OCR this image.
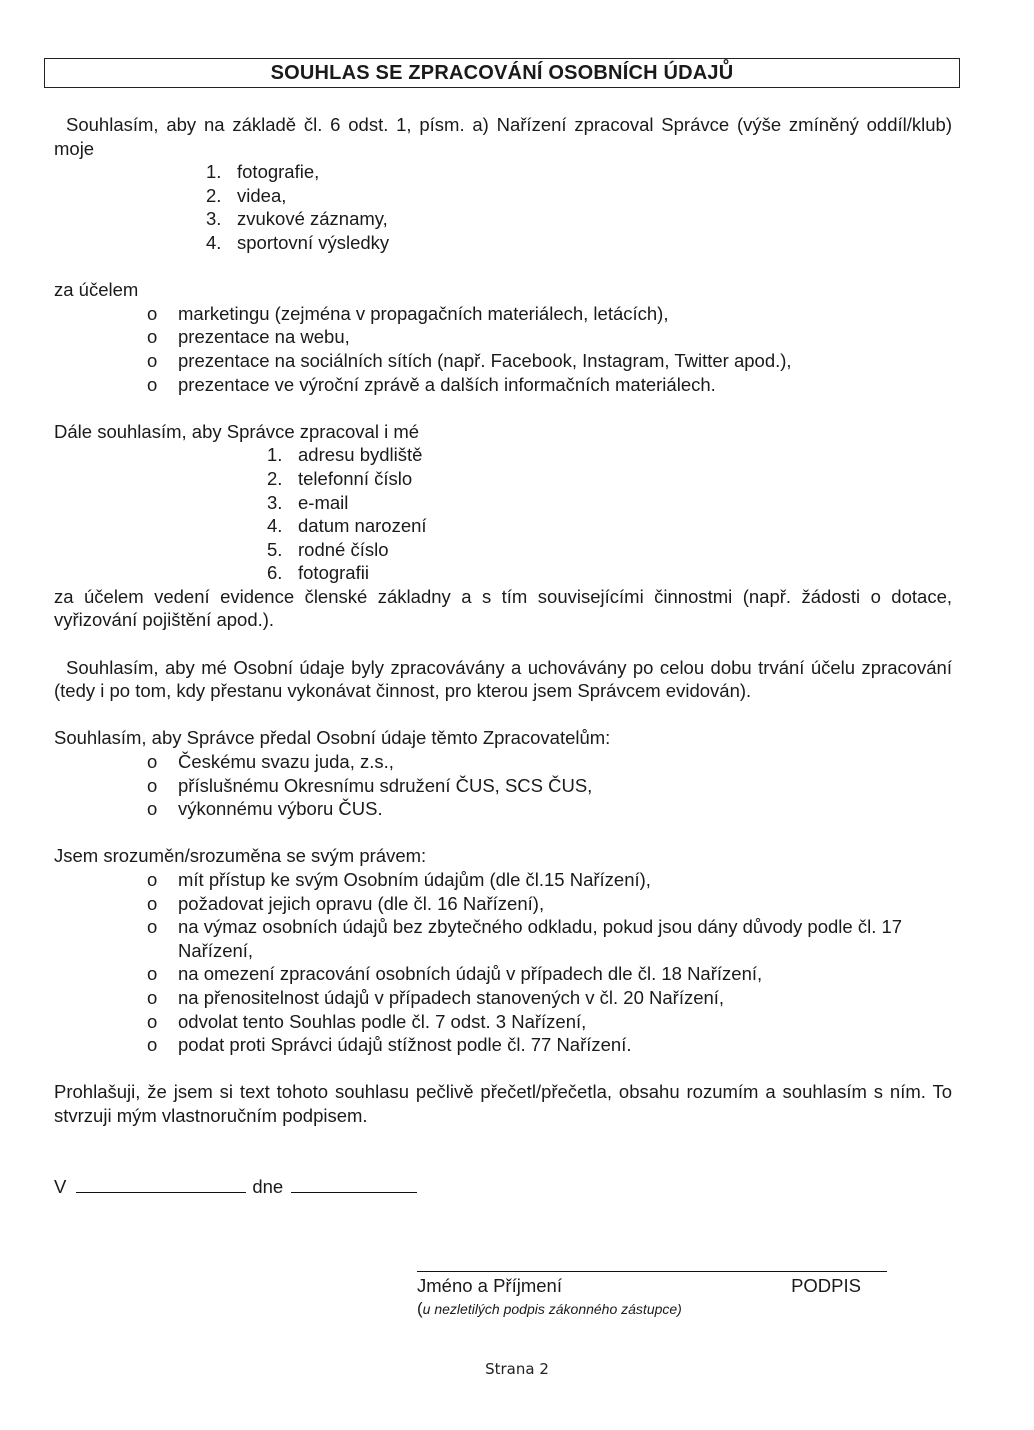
SOUHLAS SE ZPRACOVÁNÍ OSOBNÍCH ÚDAJŮ

Souhlasím, aby na základě čl. 6 odst. 1, písm. a) Nařízení zpracoval Správce (výše zmíněný oddíl/klub) moje

1. fotografie,
2. videa,
3. zvukové záznamy,
4. sportovní výsledky

za účelem

o	marketingu (zejména v propagačních materiálech, letácích),
o	prezentace na webu,
o	prezentace na sociálních sítích (např. Facebook, Instagram, Twitter apod.),
o	prezentace ve výroční zprávě a dalších informačních materiálech.

Dále souhlasím, aby Správce zpracoval i mé

1. adresu bydliště
2. telefonní číslo
3. e-mail
4. datum narození
5. rodné číslo
6. fotografii

za účelem vedení evidence členské základny a s tím souvisejícími činnostmi (např. žádosti o dotace, vyřizování pojištění apod.).

Souhlasím, aby mé Osobní údaje byly zpracovávány a uchovávány po celou dobu trvání účelu zpracování (tedy i po tom, kdy přestanu vykonávat činnost, pro kterou jsem Správcem evidován).

Souhlasím, aby Správce předal Osobní údaje těmto Zpracovatelům:

o	Českému svazu juda, z.s.,
o	příslušnému Okresnímu sdružení ČUS, SCS ČUS,
o	výkonnému výboru ČUS.

Jsem srozuměn/srozuměna se svým právem:

o	mít přístup ke svým Osobním údajům (dle čl.15 Nařízení),
o	požadovat jejich opravu (dle čl. 16 Nařízení),
o	na výmaz osobních údajů bez zbytečného odkladu, pokud jsou dány důvody podle čl. 17 Nařízení,
o	na omezení zpracování osobních údajů v případech dle čl. 18 Nařízení,
o	na přenositelnost údajů v případech stanovených v čl. 20 Nařízení,
o	odvolat tento Souhlas podle čl. 7 odst. 3 Nařízení,
o	podat proti Správci údajů stížnost podle čl. 77 Nařízení.

Prohlašuji, že jsem si text tohoto souhlasu pečlivě přečetl/přečetla, obsahu rozumím a souhlasím s ním. To stvrzuji mým vlastnoručním podpisem.

V	dne
Jméno a Příjmení	PODPIS
(u nezletilých podpis zákonného zástupce)
Strana 2
